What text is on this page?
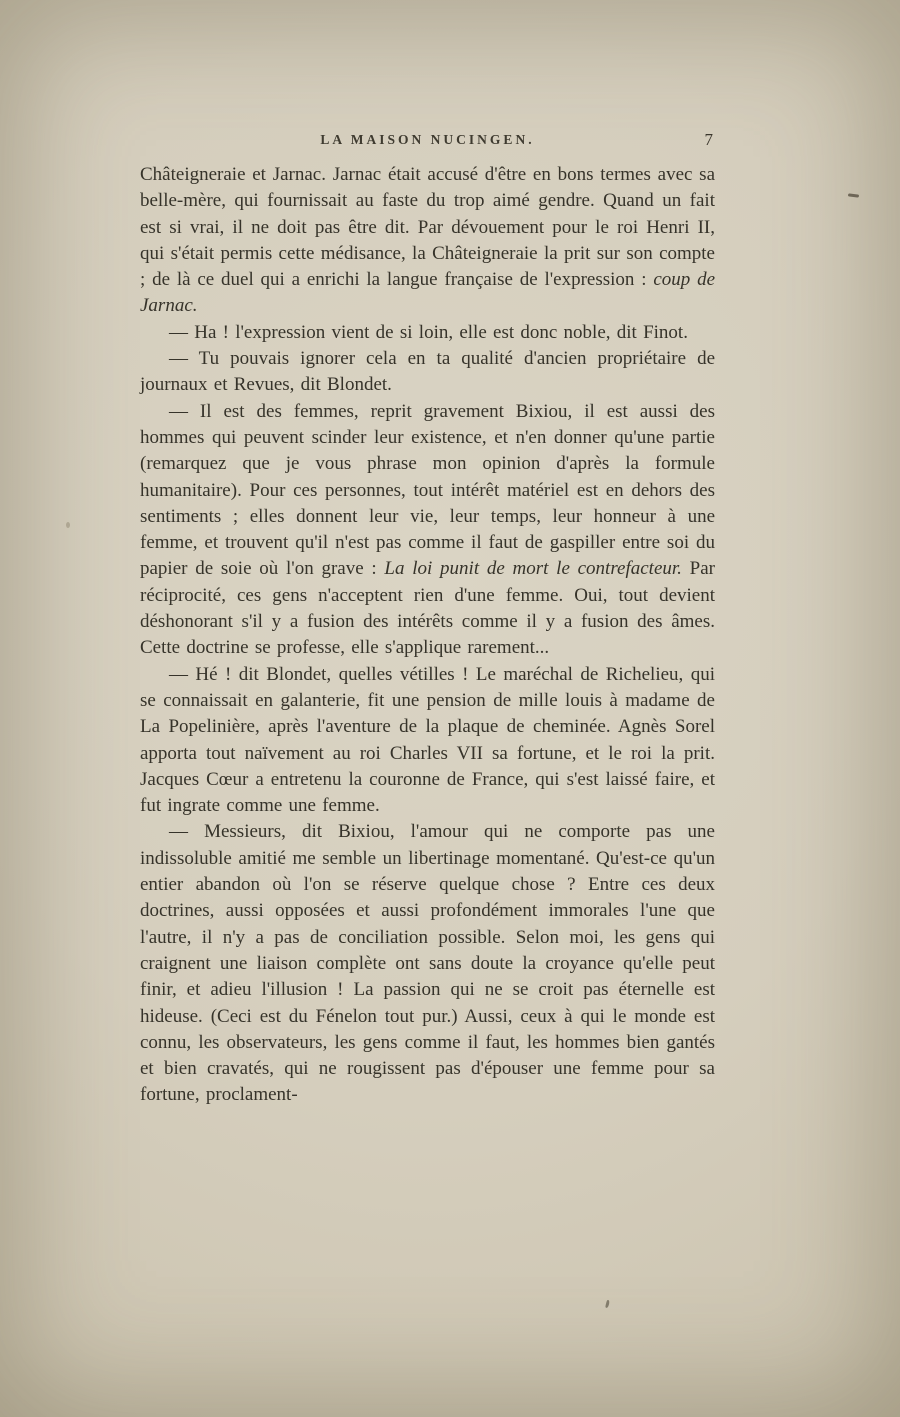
LA MAISON NUCINGEN.	7

Châteigneraie et Jarnac. Jarnac était accusé d'être en bons termes avec sa belle-mère, qui fournissait au faste du trop aimé gendre. Quand un fait est si vrai, il ne doit pas être dit. Par dévouement pour le roi Henri II, qui s'était permis cette médisance, la Châteigneraie la prit sur son compte ; de là ce duel qui a enrichi la langue française de l'expression : coup de Jarnac.

— Ha ! l'expression vient de si loin, elle est donc noble, dit Finot.

— Tu pouvais ignorer cela en ta qualité d'ancien propriétaire de journaux et Revues, dit Blondet.

— Il est des femmes, reprit gravement Bixiou, il est aussi des hommes qui peuvent scinder leur existence, et n'en donner qu'une partie (remarquez que je vous phrase mon opinion d'après la formule humanitaire). Pour ces personnes, tout intérêt matériel est en dehors des sentiments ; elles donnent leur vie, leur temps, leur honneur à une femme, et trouvent qu'il n'est pas comme il faut de gaspiller entre soi du papier de soie où l'on grave : La loi punit de mort le contrefacteur. Par réciprocité, ces gens n'acceptent rien d'une femme. Oui, tout devient déshonorant s'il y a fusion des intérêts comme il y a fusion des âmes. Cette doctrine se professe, elle s'applique rarement...

— Hé ! dit Blondet, quelles vétilles ! Le maréchal de Richelieu, qui se connaissait en galanterie, fit une pension de mille louis à madame de La Popelinière, après l'aventure de la plaque de cheminée. Agnès Sorel apporta tout naïvement au roi Charles VII sa fortune, et le roi la prit. Jacques Cœur a entretenu la couronne de France, qui s'est laissé faire, et fut ingrate comme une femme.

— Messieurs, dit Bixiou, l'amour qui ne comporte pas une indissoluble amitié me semble un libertinage momentané. Qu'est-ce qu'un entier abandon où l'on se réserve quelque chose ? Entre ces deux doctrines, aussi opposées et aussi profondément immorales l'une que l'autre, il n'y a pas de conciliation possible. Selon moi, les gens qui craignent une liaison complète ont sans doute la croyance qu'elle peut finir, et adieu l'illusion ! La passion qui ne se croit pas éternelle est hideuse. (Ceci est du Fénelon tout pur.) Aussi, ceux à qui le monde est connu, les observateurs, les gens comme il faut, les hommes bien gantés et bien cravatés, qui ne rougissent pas d'épouser une femme pour sa fortune, proclament-
